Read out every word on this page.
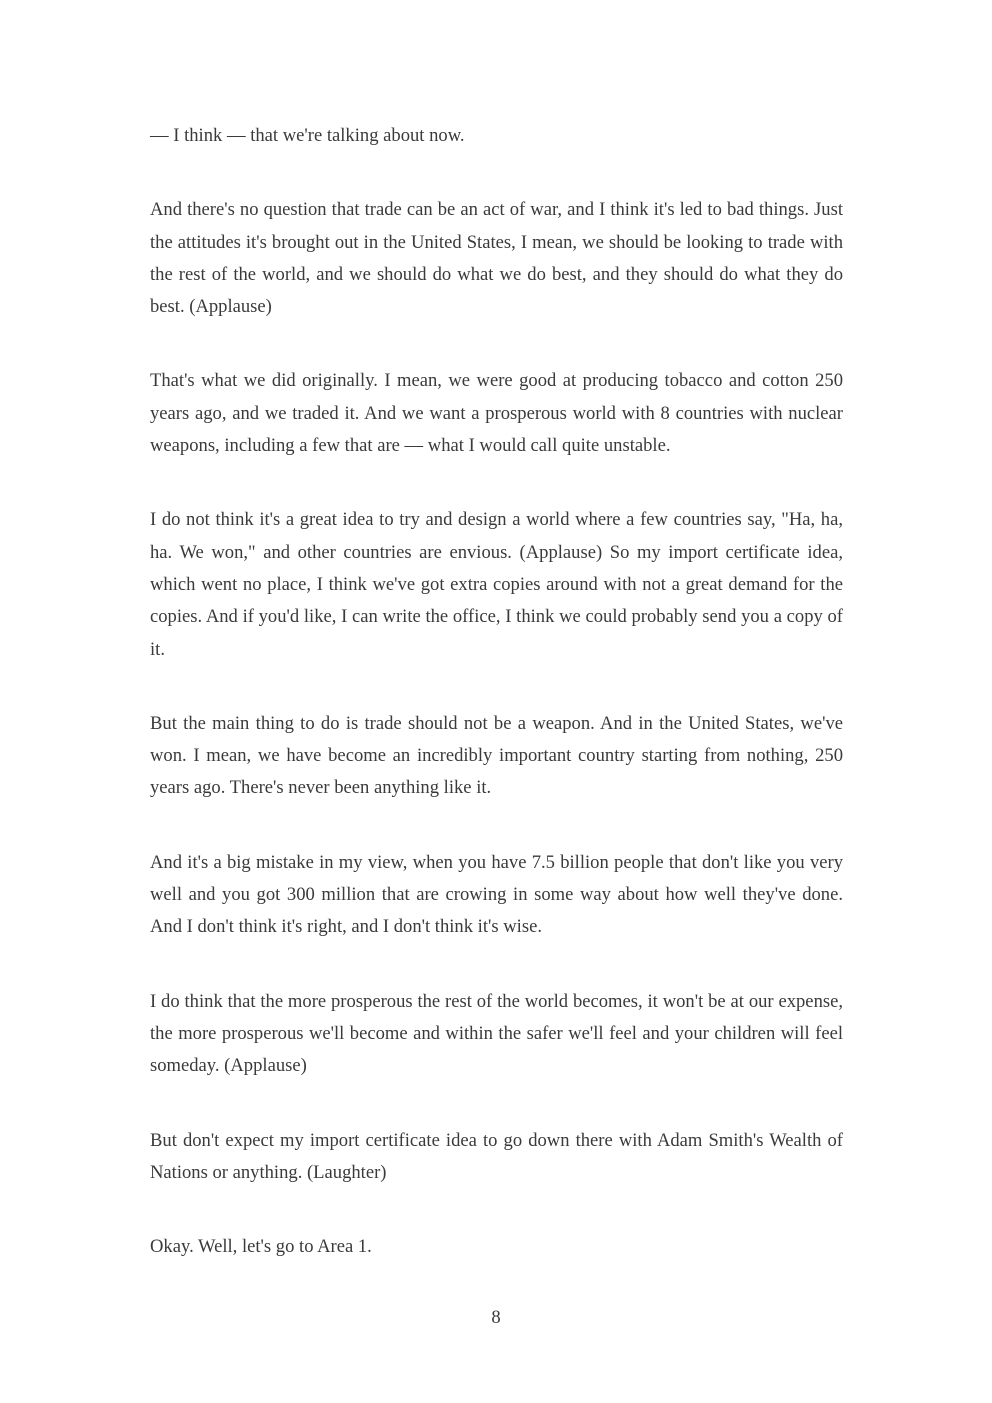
— I think — that we're talking about now.

And there's no question that trade can be an act of war, and I think it's led to bad things. Just the attitudes it's brought out in the United States, I mean, we should be looking to trade with the rest of the world, and we should do what we do best, and they should do what they do best. (Applause)

That's what we did originally. I mean, we were good at producing tobacco and cotton 250 years ago, and we traded it. And we want a prosperous world with 8 countries with nuclear weapons, including a few that are — what I would call quite unstable.

I do not think it's a great idea to try and design a world where a few countries say, "Ha, ha, ha. We won," and other countries are envious. (Applause) So my import certificate idea, which went no place, I think we've got extra copies around with not a great demand for the copies. And if you'd like, I can write the office, I think we could probably send you a copy of it.

But the main thing to do is trade should not be a weapon. And in the United States, we've won. I mean, we have become an incredibly important country starting from nothing, 250 years ago. There's never been anything like it.

And it's a big mistake in my view, when you have 7.5 billion people that don't like you very well and you got 300 million that are crowing in some way about how well they've done. And I don't think it's right, and I don't think it's wise.

I do think that the more prosperous the rest of the world becomes, it won't be at our expense, the more prosperous we'll become and within the safer we'll feel and your children will feel someday. (Applause)

But don't expect my import certificate idea to go down there with Adam Smith's Wealth of Nations or anything. (Laughter)

Okay. Well, let's go to Area 1.

8
